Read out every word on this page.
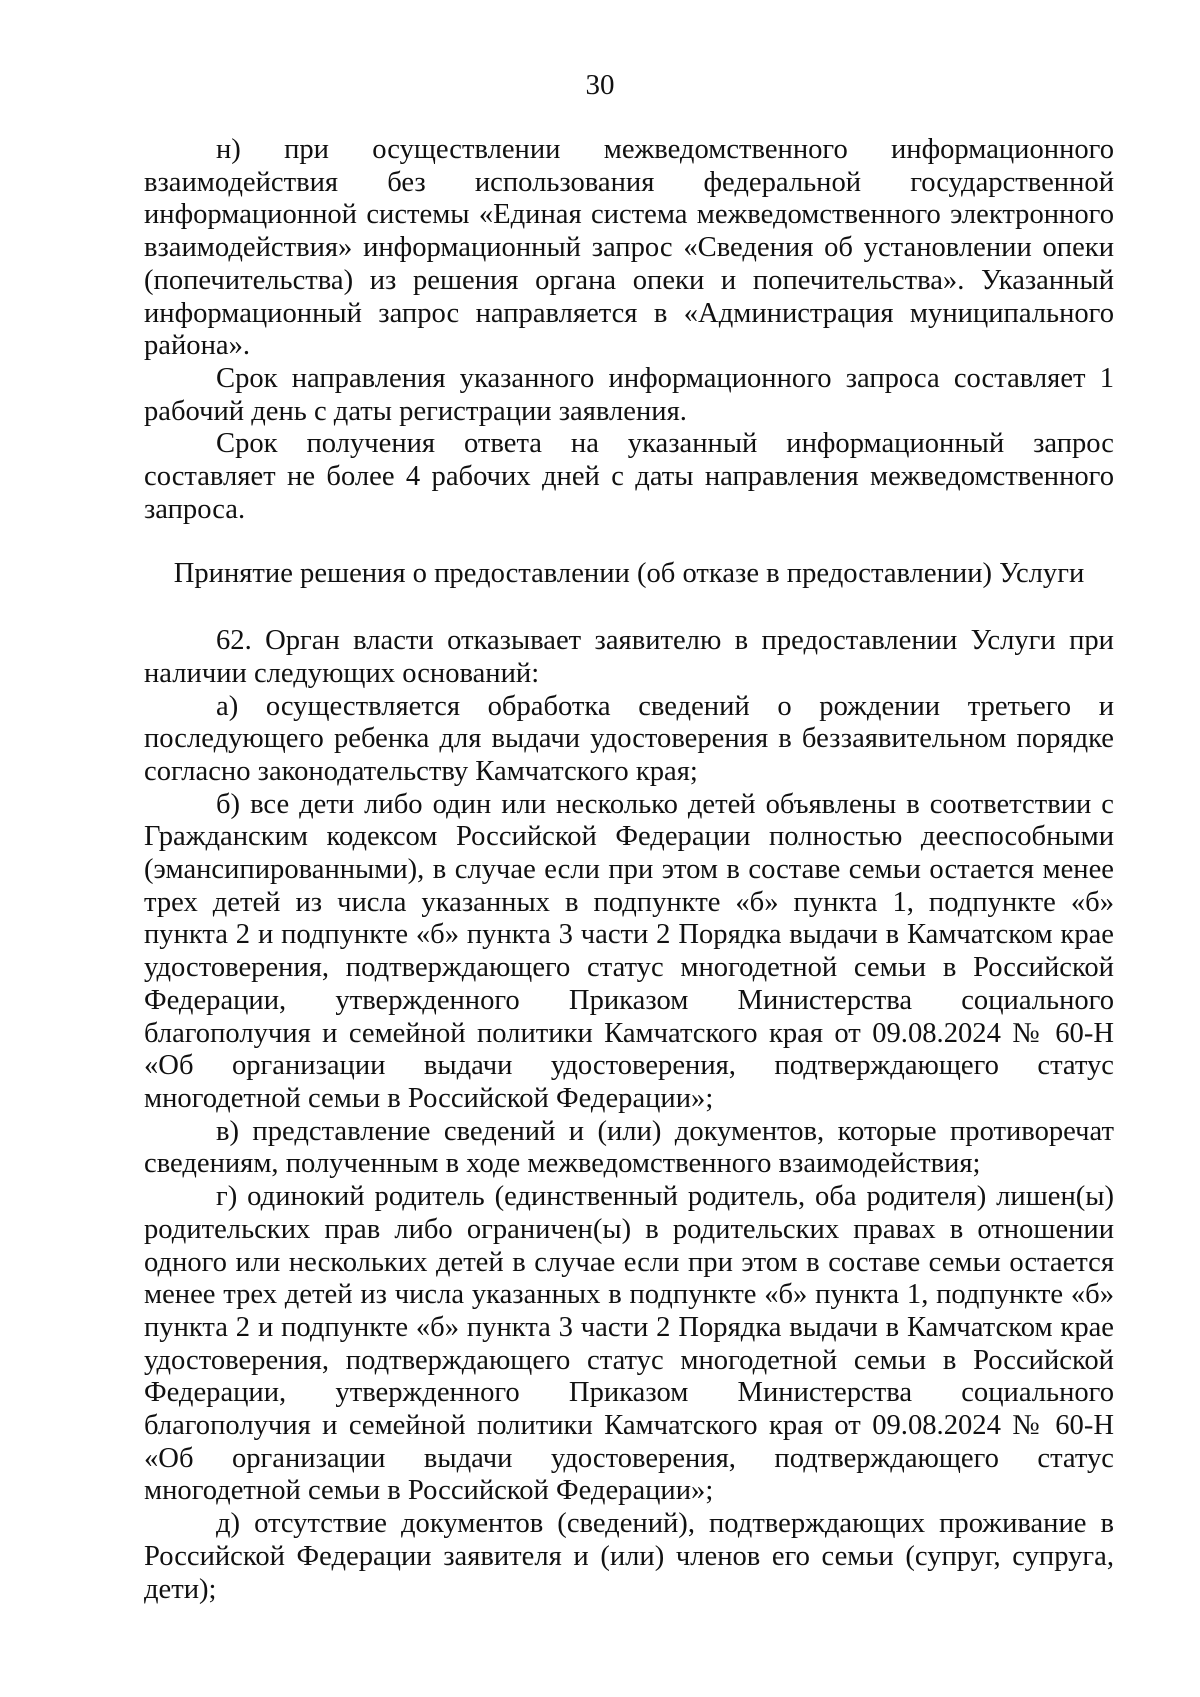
30

н) при осуществлении межведомственного информационного взаимодействия без использования федеральной государственной информационной системы «Единая система межведомственного электронного взаимодействия» информационный запрос «Сведения об установлении опеки (попечительства) из решения органа опеки и попечительства». Указанный информационный запрос направляется в «Администрация муниципального района».

Срок направления указанного информационного запроса составляет 1 рабочий день с даты регистрации заявления.

Срок получения ответа на указанный информационный запрос составляет не более 4 рабочих дней с даты направления межведомственного запроса.

Принятие решения о предоставлении (об отказе в предоставлении) Услуги

62. Орган власти отказывает заявителю в предоставлении Услуги при наличии следующих оснований:

а) осуществляется обработка сведений о рождении третьего и последующего ребенка для выдачи удостоверения в беззаявительном порядке согласно законодательству Камчатского края;

б) все дети либо один или несколько детей объявлены в соответствии с Гражданским кодексом Российской Федерации полностью дееспособными (эмансипированными), в случае если при этом в составе семьи остается менее трех детей из числа указанных в подпункте «б» пункта 1, подпункте «б» пункта 2 и подпункте «б» пункта 3 части 2 Порядка выдачи в Камчатском крае удостоверения, подтверждающего статус многодетной семьи в Российской Федерации, утвержденного Приказом Министерства социального благополучия и семейной политики Камчатского края от 09.08.2024 № 60-Н «Об организации выдачи удостоверения, подтверждающего статус многодетной семьи в Российской Федерации»;

в) представление сведений и (или) документов, которые противоречат сведениям, полученным в ходе межведомственного взаимодействия;

г) одинокий родитель (единственный родитель, оба родителя) лишен(ы) родительских прав либо ограничен(ы) в родительских правах в отношении одного или нескольких детей в случае если при этом в составе семьи остается менее трех детей из числа указанных в подпункте «б» пункта 1, подпункте «б» пункта 2 и подпункте «б» пункта 3 части 2 Порядка выдачи в Камчатском крае удостоверения, подтверждающего статус многодетной семьи в Российской Федерации, утвержденного Приказом Министерства социального благополучия и семейной политики Камчатского края от 09.08.2024 № 60-Н «Об организации выдачи удостоверения, подтверждающего статус многодетной семьи в Российской Федерации»;

д) отсутствие документов (сведений), подтверждающих проживание в Российской Федерации заявителя и (или) членов его семьи (супруг, супруга, дети);
